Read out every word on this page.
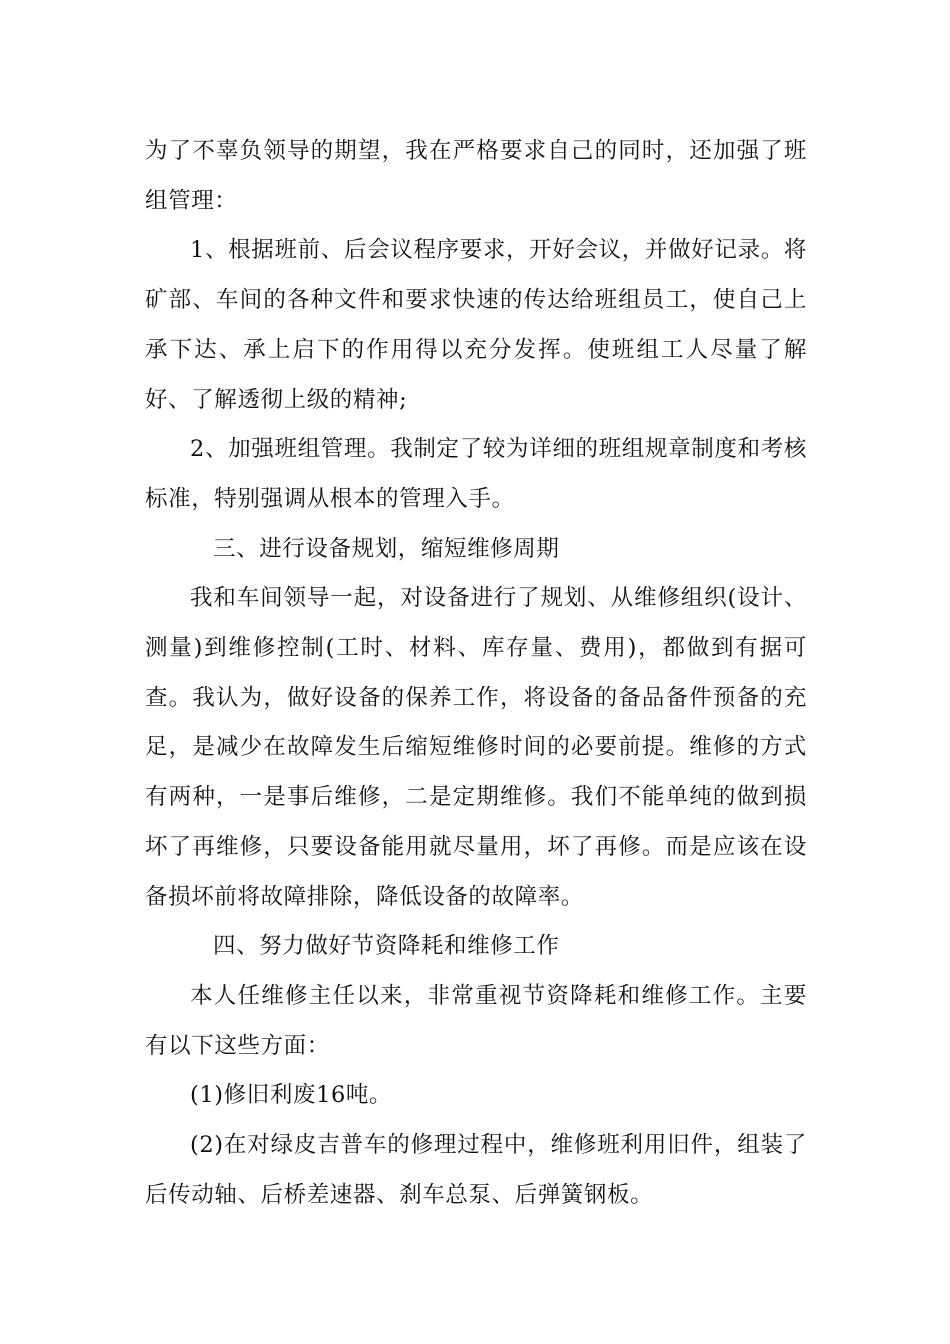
为了不辜负领导的期望，我在严格要求自己的同时，还加强了班组管理：

1、根据班前、后会议程序要求，开好会议，并做好记录。将矿部、车间的各种文件和要求快速的传达给班组员工，使自己上承下达、承上启下的作用得以充分发挥。使班组工人尽量了解好、了解透彻上级的精神;

2、加强班组管理。我制定了较为详细的班组规章制度和考核标准，特别强调从根本的管理入手。

三、进行设备规划，缩短维修周期

我和车间领导一起，对设备进行了规划、从维修组织(设计、测量)到维修控制(工时、材料、库存量、费用)，都做到有据可查。我认为，做好设备的保养工作，将设备的备品备件预备的充足，是减少在故障发生后缩短维修时间的必要前提。维修的方式有两种，一是事后维修，二是定期维修。我们不能单纯的做到损坏了再维修，只要设备能用就尽量用，坏了再修。而是应该在设备损坏前将故障排除，降低设备的故障率。

四、努力做好节资降耗和维修工作

本人任维修主任以来，非常重视节资降耗和维修工作。主要有以下这些方面：

(1)修旧利废16吨。

(2)在对绿皮吉普车的修理过程中，维修班利用旧件，组装了后传动轴、后桥差速器、刹车总泵、后弹簧钢板。
